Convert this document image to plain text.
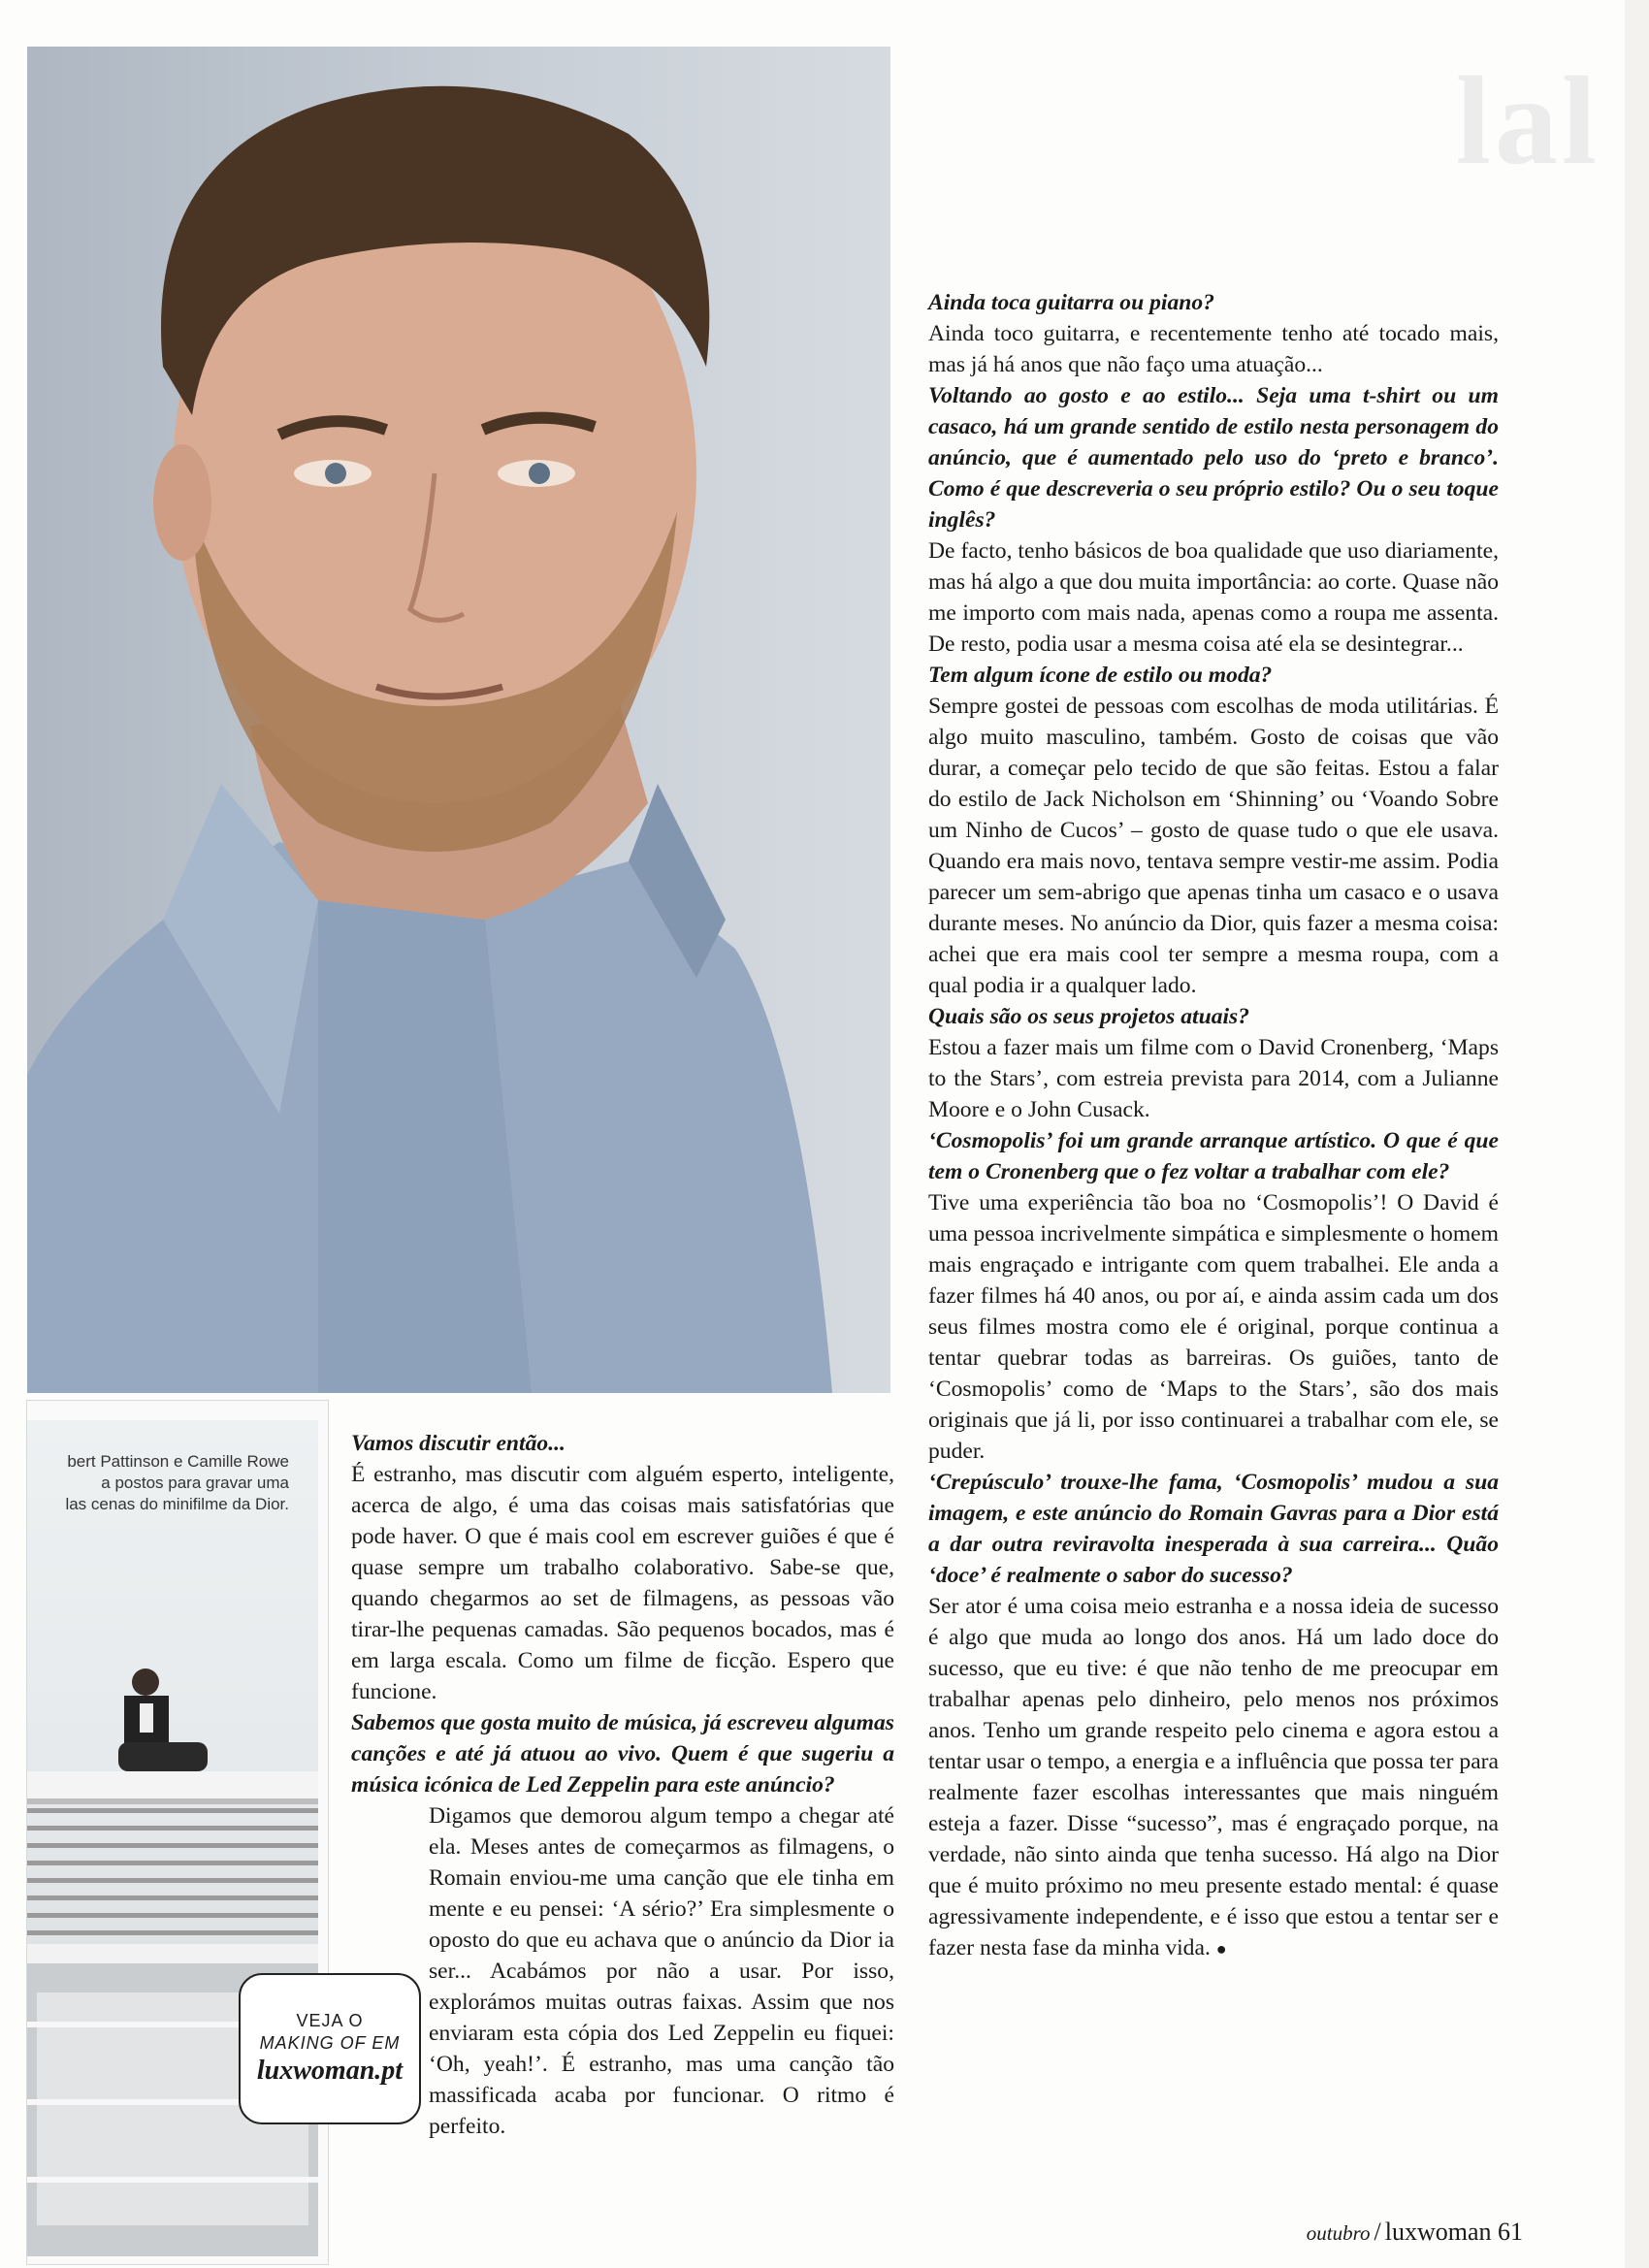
lal

Ainda toca guitarra ou piano?

Ainda toco guitarra, e recentemente tenho até tocado mais, mas já há anos que não faço uma atuação...

Voltando ao gosto e ao estilo... Seja uma t-shirt ou um casaco, há um grande sentido de estilo nesta personagem do anúncio, que é aumentado pelo uso do ‘preto e branco’. Como é que descreveria o seu próprio estilo? Ou o seu toque inglês?

De facto, tenho básicos de boa qualidade que uso diariamente, mas há algo a que dou muita importância: ao corte. Quase não me importo com mais nada, apenas como a roupa me assenta. De resto, podia usar a mesma coisa até ela se desintegrar...

Tem algum ícone de estilo ou moda?

Sempre gostei de pessoas com escolhas de moda utilitárias. É algo muito masculino, também. Gosto de coisas que vão durar, a começar pelo tecido de que são feitas. Estou a falar do estilo de Jack Nicholson em ‘Shinning’ ou ‘Voando Sobre um Ninho de Cucos’ – gosto de quase tudo o que ele usava. Quando era mais novo, tentava sempre vestir-me assim. Podia parecer um sem-abrigo que apenas tinha um casaco e o usava durante meses. No anúncio da Dior, quis fazer a mesma coisa: achei que era mais cool ter sempre a mesma roupa, com a qual podia ir a qualquer lado.

Quais são os seus projetos atuais?

Estou a fazer mais um filme com o David Cronenberg, ‘Maps to the Stars’, com estreia prevista para 2014, com a Julianne Moore e o John Cusack.

‘Cosmopolis’ foi um grande arranque artístico. O que é que tem o Cronenberg que o fez voltar a trabalhar com ele?

Tive uma experiência tão boa no ‘Cosmopolis’! O David é uma pessoa incrivelmente simpática e simplesmente o homem mais engraçado e intrigante com quem trabalhei. Ele anda a fazer filmes há 40 anos, ou por aí, e ainda assim cada um dos seus filmes mostra como ele é original, porque continua a tentar quebrar todas as barreiras. Os guiões, tanto de ‘Cosmopolis’ como de ‘Maps to the Stars’, são dos mais originais que já li, por isso continuarei a trabalhar com ele, se puder.

‘Crepúsculo’ trouxe-lhe fama, ‘Cosmopolis’ mudou a sua imagem, e este anúncio do Romain Gavras para a Dior está a dar outra reviravolta inesperada à sua carreira... Quão ‘doce’ é realmente o sabor do sucesso?

Ser ator é uma coisa meio estranha e a nossa ideia de sucesso é algo que muda ao longo dos anos. Há um lado doce do sucesso, que eu tive: é que não tenho de me preocupar em trabalhar apenas pelo dinheiro, pelo menos nos próximos anos. Tenho um grande respeito pelo cinema e agora estou a tentar usar o tempo, a energia e a influência que possa ter para realmente fazer escolhas interessantes que mais ninguém esteja a fazer. Disse “sucesso”, mas é engraçado porque, na verdade, não sinto ainda que tenha sucesso. Há algo na Dior que é muito próximo no meu presente estado mental: é quase agressivamente independente, e é isso que estou a tentar ser e fazer nesta fase da minha vida. ●

bert Pattinson e Camille Rowe
a postos para gravar uma
las cenas do minifilme da Dior.

Vamos discutir então...

É estranho, mas discutir com alguém esperto, inteligente, acerca de algo, é uma das coisas mais satisfatórias que pode haver. O que é mais cool em escrever guiões é que é quase sempre um trabalho colaborativo. Sabe-se que, quando chegarmos ao set de filmagens, as pessoas vão tirar-lhe pequenas camadas. São pequenos bocados, mas é em larga escala. Como um filme de ficção. Espero que funcione.

Sabemos que gosta muito de música, já escreveu algumas canções e até já atuou ao vivo. Quem é que sugeriu a música icónica de Led Zeppelin para este anúncio?

Digamos que demorou algum tempo a chegar até ela. Meses antes de começarmos as filmagens, o Romain enviou-me uma canção que ele tinha em mente e eu pensei: ‘A sério?’ Era simplesmente o oposto do que eu achava que o anúncio da Dior ia ser... Acabámos por não a usar. Por isso, explorámos muitas outras faixas. Assim que nos enviaram esta cópia dos Led Zeppelin eu fiquei: ‘Oh, yeah!’. É estranho, mas uma canção tão massificada acaba por funcionar. O ritmo é perfeito.

VEJA O
MAKING OF EM
luxwoman.pt
outubro / luxwoman 61
